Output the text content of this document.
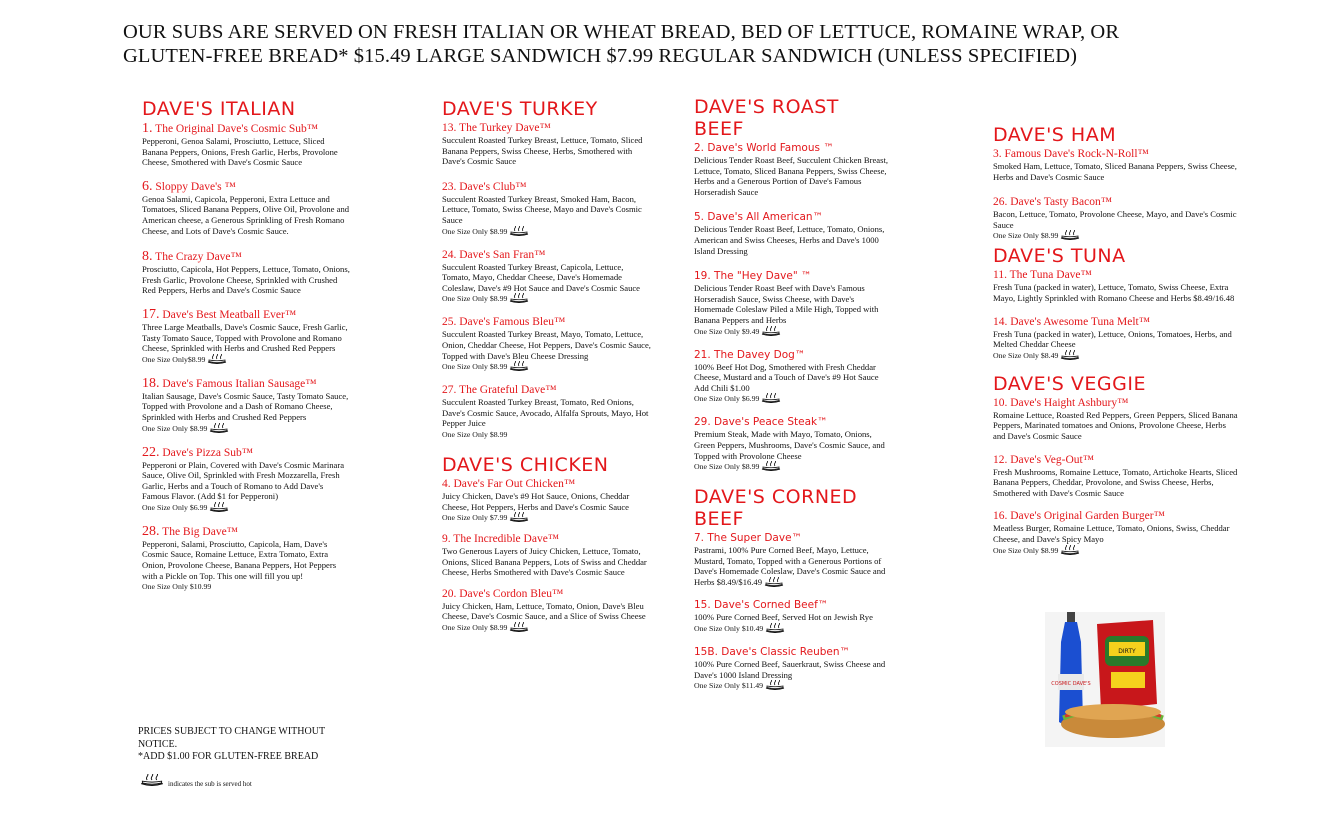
OUR SUBS ARE SERVED ON FRESH ITALIAN OR WHEAT BREAD, BED OF LETTUCE, ROMAINE WRAP, OR
GLUTEN-FREE BREAD* $15.49 LARGE SANDWICH $7.99 REGULAR SANDWICH (UNLESS SPECIFIED)
DAVE'S ITALIAN
1. The Original Dave's Cosmic Sub™
Pepperoni, Genoa Salami, Prosciutto, Lettuce, Sliced Banana Peppers, Onions, Fresh Garlic, Herbs, Provolone Cheese, Smothered with Dave's Cosmic Sauce
6. Sloppy Dave's ™
Genoa Salami, Capicola, Pepperoni, Extra Lettuce and Tomatoes, Sliced Banana Peppers, Olive Oil, Provolone and American cheese, a Generous Sprinkling of Fresh Romano Cheese, and Lots of Dave's Cosmic Sauce.
8. The Crazy Dave™
Prosciutto, Capicola, Hot Peppers, Lettuce, Tomato, Onions, Fresh Garlic, Provolone Cheese, Sprinkled with Crushed Red Peppers, Herbs and Dave's Cosmic Sauce
17. Dave's Best Meatball Ever™
Three Large Meatballs, Dave's Cosmic Sauce, Fresh Garlic, Tasty Tomato Sauce, Topped with Provolone and Romano Cheese, Sprinkled with Herbs and Crushed Red Peppers
One Size Only$8.99
18. Dave's Famous Italian Sausage™
Italian Sausage, Dave's Cosmic Sauce, Tasty Tomato Sauce, Topped with Provolone and a Dash of Romano Cheese, Sprinkled with Herbs and Crushed Red Peppers
One Size Only $8.99
22. Dave's Pizza Sub™
Pepperoni or Plain, Covered with Dave's Cosmic Marinara Sauce, Olive Oil, Sprinkled with Fresh Mozzarella, Fresh Garlic, Herbs and a Touch of Romano to Add Dave's Famous Flavor. (Add $1 for Pepperoni)
One Size Only $6.99
28. The Big Dave™
Pepperoni, Salami, Prosciutto, Capicola, Ham, Dave's Cosmic Sauce, Romaine Lettuce, Extra Tomato, Extra Onion, Provolone Cheese, Banana Peppers, Hot Peppers with a Pickle on Top. This one will fill you up!
One Size Only $10.99
DAVE'S TURKEY
13. The Turkey Dave™
Succulent Roasted Turkey Breast, Lettuce, Tomato, Sliced Banana Peppers, Swiss Cheese, Herbs, Smothered with Dave's Cosmic Sauce
23. Dave's Club™
Succulent Roasted Turkey Breast, Smoked Ham, Bacon, Lettuce, Tomato, Swiss Cheese, Mayo and Dave's Cosmic Sauce
One Size Only $8.99
24. Dave's San Fran™
Succulent Roasted Turkey Breast, Capicola, Lettuce, Tomato, Mayo, Cheddar Cheese, Dave's Homemade Coleslaw, Dave's #9 Hot Sauce and Dave's Cosmic Sauce
One Size Only $8.99
25. Dave's Famous Bleu™
Succulent Roasted Turkey Breast, Mayo, Tomato, Lettuce, Onion, Cheddar Cheese, Hot Peppers, Dave's Cosmic Sauce, Topped with Dave's Bleu Cheese Dressing
One Size Only $8.99
27. The Grateful Dave™
Succulent Roasted Turkey Breast, Tomato, Red Onions, Dave's Cosmic Sauce, Avocado, Alfalfa Sprouts, Mayo, Hot Pepper Juice
One Size Only $8.99
DAVE'S CHICKEN
4. Dave's Far Out Chicken™
Juicy Chicken, Dave's #9 Hot Sauce, Onions, Cheddar Cheese, Hot Peppers, Herbs and Dave's Cosmic Sauce
One Size Only $7.99
9. The Incredible Dave™
Two Generous Layers of Juicy Chicken, Lettuce, Tomato, Onions, Sliced Banana Peppers, Lots of Swiss and Cheddar Cheese, Herbs Smothered with Dave's Cosmic Sauce
20. Dave's Cordon Bleu™
Juicy Chicken, Ham, Lettuce, Tomato, Onion, Dave's Bleu Cheese, Dave's Cosmic Sauce, and a Slice of Swiss Cheese
One Size Only $8.99
DAVE'S ROAST BEEF
2. Dave's World Famous ™
Delicious Tender Roast Beef, Succulent Chicken Breast, Lettuce, Tomato, Sliced Banana Peppers, Swiss Cheese, Herbs and a Generous Portion of Dave's Famous Horseradish Sauce
5. Dave's All American™
Delicious Tender Roast Beef, Lettuce, Tomato, Onions, American and Swiss Cheeses, Herbs and Dave's 1000 Island Dressing
19. The "Hey Dave" ™
Delicious Tender Roast Beef with Dave's Famous Horseradish Sauce, Swiss Cheese, with Dave's Homemade Coleslaw Piled a Mile High, Topped with Banana Peppers and Herbs
One Size Only $9.49
21. The Davey Dog™
100% Beef Hot Dog, Smothered with Fresh Cheddar Cheese, Mustard and a Touch of Dave's #9 Hot Sauce Add Chili $1.00
One Size Only $6.99
29. Dave's Peace Steak™
Premium Steak, Made with Mayo, Tomato, Onions, Green Peppers, Mushrooms, Dave's Cosmic Sauce, and Topped with Provolone Cheese
One Size Only $8.99
DAVE'S CORNED BEEF
7. The Super Dave™
Pastrami, 100% Pure Corned Beef, Mayo, Lettuce, Mustard, Tomato, Topped with a Generous Portions of Dave's Homemade Coleslaw, Dave's Cosmic Sauce and Herbs $8.49/$16.49
15. Dave's Corned Beef™
100% Pure Corned Beef, Served Hot on Jewish Rye
One Size Only $10.49
15B. Dave's Classic Reuben™
100% Pure Corned Beef, Sauerkraut, Swiss Cheese and Dave's 1000 Island Dressing
One Size Only $11.49
DAVE'S HAM
3. Famous Dave's Rock-N-Roll™
Smoked Ham, Lettuce, Tomato, Sliced Banana Peppers, Swiss Cheese, Herbs and Dave's Cosmic Sauce
26. Dave's Tasty Bacon™
Bacon, Lettuce, Tomato, Provolone Cheese, Mayo, and Dave's Cosmic Sauce
One Size Only $8.99
DAVE'S TUNA
11. The Tuna Dave™
Fresh Tuna (packed in water), Lettuce, Tomato, Swiss Cheese, Extra Mayo, Lightly Sprinkled with Romano Cheese and Herbs $8.49/16.48
14. Dave's Awesome Tuna Melt™
Fresh Tuna (packed in water), Lettuce, Onions, Tomatoes, Herbs, and Melted Cheddar Cheese
One Size Only $8.49
DAVE'S VEGGIE
10. Dave's Haight Ashbury™
Romaine Lettuce, Roasted Red Peppers, Green Peppers, Sliced Banana Peppers, Marinated tomatoes and Onions, Provolone Cheese, Herbs and Dave's Cosmic Sauce
12. Dave's Veg-Out™
Fresh Mushrooms, Romaine Lettuce, Tomato, Artichoke Hearts, Sliced Banana Peppers, Cheddar, Provolone, and Swiss Cheese, Herbs, Smothered with Dave's Cosmic Sauce
16. Dave's Original Garden Burger™
Meatless Burger, Romaine Lettuce, Tomato, Onions, Swiss, Cheddar Cheese, and Dave's Spicy Mayo
One Size Only $8.99
PRICES SUBJECT TO CHANGE WITHOUT NOTICE.
*ADD $1.00 FOR GLUTEN-FREE BREAD
indicates the sub is served hot
DIRTY
COSMIC DAVE'S
